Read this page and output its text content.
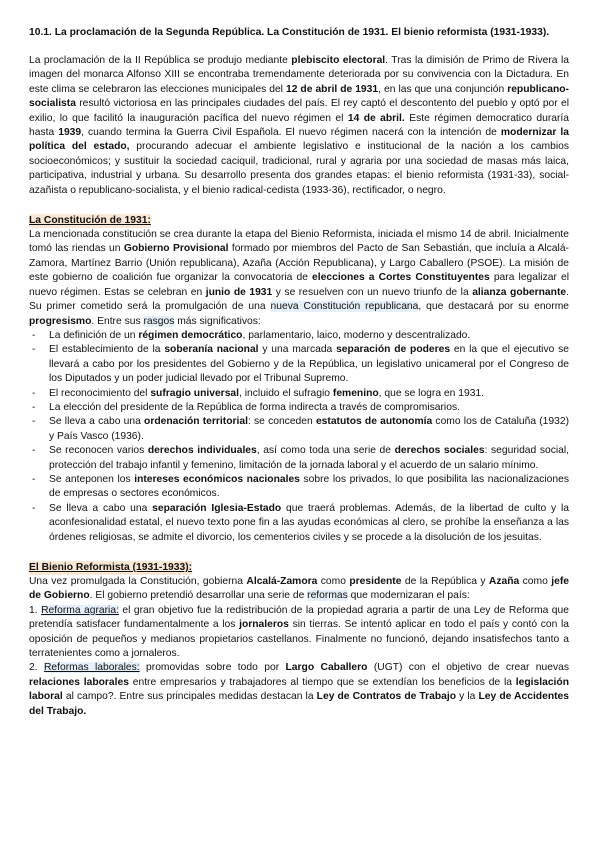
10.1. La proclamación de la Segunda República. La Constitución de 1931. El bienio reformista (1931-1933).

La proclamación de la II República se produjo mediante plebiscito electoral. Tras la dimisión de Primo de Rivera la imagen del monarca Alfonso XIII se encontraba tremendamente deteriorada por su convivencia con la Dictadura. En este clima se celebraron las elecciones municipales del 12 de abril de 1931, en las que una conjunción republicano-socialista resultó victoriosa en las principales ciudades del país. El rey captó el descontento del pueblo y optó por el exilio, lo que facilitó la inauguración pacífica del nuevo régimen el 14 de abril. Este régimen democratico duraría hasta 1939, cuando termina la Guerra Civil Española. El nuevo régimen nacerá con la intención de modernizar la política del estado, procurando adecuar el ambiente legislativo e institucional de la nación a los cambios socioeconómicos; y sustituir la sociedad caciquil, tradicional, rural y agraria por una sociedad de masas más laica, participativa, industrial y urbana. Su desarrollo presenta dos grandes etapas: el bienio reformista (1931-33), social-azañista o republicano-socialista, y el bienio radical-cedista (1933-36), rectificador, o negro.

La Constitución de 1931:

La mencionada constitución se crea durante la etapa del Bienio Reformista, iniciada el mismo 14 de abril. Inicialmente tomó las riendas un Gobierno Provisional formado por miembros del Pacto de San Sebastián, que incluía a Alcalá-Zamora, Martínez Barrio (Unión republicana), Azaña (Acción Republicana), y Largo Caballero (PSOE). La misión de este gobierno de coalición fue organizar la convocatoria de elecciones a Cortes Constituyentes para legalizar el nuevo régimen. Estas se celebran en junio de 1931 y se resuelven con un nuevo triunfo de la alianza gobernante. Su primer cometido será la promulgación de una nueva Constitución republicana, que destacará por su enorme progresismo. Entre sus rasgos más significativos:

- La definición de un régimen democrático, parlamentario, laico, moderno y descentralizado.
- El establecimiento de la soberanía nacional y una marcada separación de poderes en la que el ejecutivo se llevará a cabo por los presidentes del Gobierno y de la República, un legislativo unicameral por el Congreso de los Diputados y un poder judicial llevado por el Tribunal Supremo.
- El reconocimiento del sufragio universal, incluido el sufragio femenino, que se logra en 1931.
- La elección del presidente de la República de forma indirecta a través de compromisarios.
- Se lleva a cabo una ordenación territorial: se conceden estatutos de autonomía como los de Cataluña (1932) y País Vasco (1936).
- Se reconocen varios derechos individuales, así como toda una serie de derechos sociales: seguridad social, protección del trabajo infantil y femenino, limitación de la jornada laboral y el acuerdo de un salario mínimo.
- Se anteponen los intereses económicos nacionales sobre los privados, lo que posibilita las nacionalizaciones de empresas o sectores económicos.
- Se lleva a cabo una separación Iglesia-Estado que traerá problemas. Además, de la libertad de culto y la aconfesionalidad estatal, el nuevo texto pone fin a las ayudas económicas al clero, se prohíbe la enseñanza a las órdenes religiosas, se admite el divorcio, los cementerios civiles y se procede a la disolución de los jesuitas.
El Bienio Reformista (1931-1933):

Una vez promulgada la Constitución, gobierna Alcalá-Zamora como presidente de la República y Azaña como jefe de Gobierno. El gobierno pretendió desarrollar una serie de reformas que modernizaran el país:

1. Reforma agraria: el gran objetivo fue la redistribución de la propiedad agraria a partir de una Ley de Reforma que pretendía satisfacer fundamentalmente a los jornaleros sin tierras. Se intentó aplicar en todo el país y contó con la oposición de pequeños y medianos propietarios castellanos. Finalmente no funcionó, dejando insatisfechos tanto a terratenientes como a jornaleros.

2. Reformas laborales: promovidas sobre todo por Largo Caballero (UGT) con el objetivo de crear nuevas relaciones laborales entre empresarios y trabajadores al tiempo que se extendían los beneficios de la legislación laboral al campo?. Entre sus principales medidas destacan la Ley de Contratos de Trabajo y la Ley de Accidentes del Trabajo.
